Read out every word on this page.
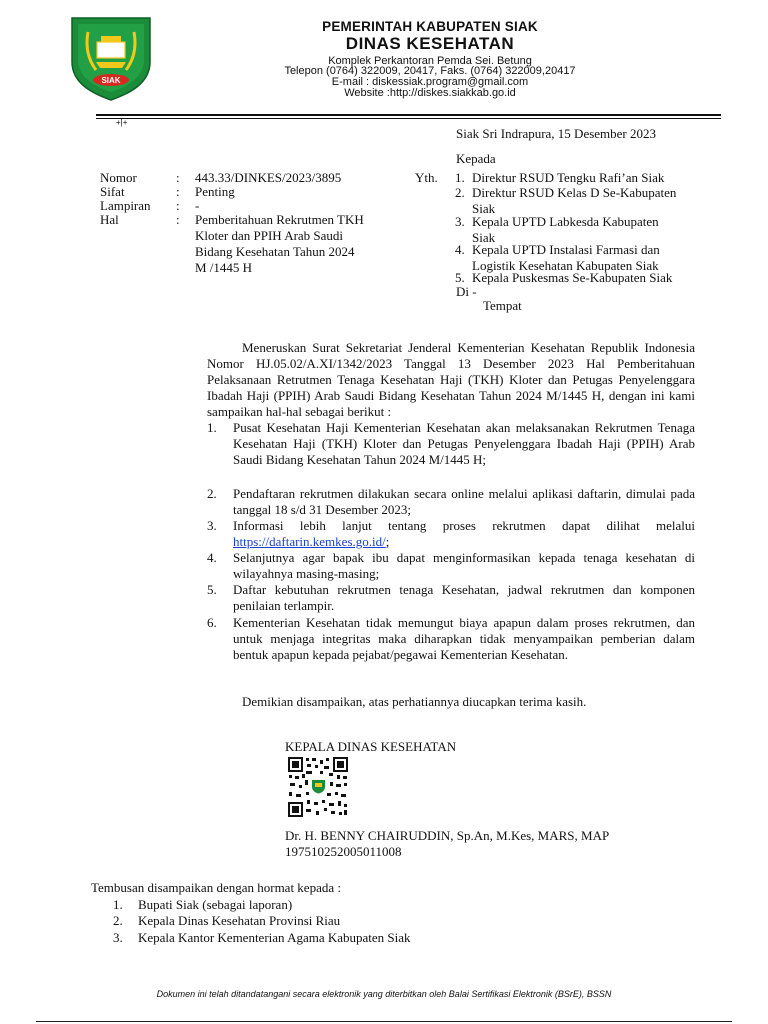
SIAK
PEMERINTAH KABUPATEN SIAK
DINAS KESEHATAN
Komplek Perkantoran Pemda Sei. Betung
Telepon (0764) 322009, 20417, Faks. (0764) 322009,20417
E-mail : diskessiak.program@gmail.com
Website :http://diskes.siakkab.go.id
+|+
Siak Sri Indrapura, 15 Desember 2023
Kepada
Nomor	: 443.33/DINKES/2023/3895
Sifat	: Penting
Lampiran : -
Hal	: Pemberitahuan Rekrutmen TKH
Kloter dan PPIH Arab Saudi
Bidang Kesehatan Tahun 2024
M /1445 H
Yth. 1. Direktur RSUD Tengku Rafi’an Siak
2. Direktur RSUD Kelas D Se-Kabupaten
Siak
3. Kepala UPTD Labkesda Kabupaten
Siak
4. Kepala UPTD Instalasi Farmasi dan
Logistik Kesehatan Kabupaten Siak
5. Kepala Puskesmas Se-Kabupaten Siak
Di -
Tempat
Meneruskan Surat Sekretariat Jenderal Kementerian Kesehatan Republik Indonesia Nomor HJ.05.02/A.XI/1342/2023 Tanggal 13 Desember 2023 Hal Pemberitahuan Pelaksanaan Retrutmen Tenaga Kesehatan Haji (TKH) Kloter dan Petugas Penyelenggara Ibadah Haji (PPIH) Arab Saudi Bidang Kesehatan Tahun 2024 M/1445 H, dengan ini kami sampaikan hal-hal sebagai berikut :
1. Pusat Kesehatan Haji Kementerian Kesehatan akan melaksanakan Rekrutmen Tenaga Kesehatan Haji (TKH) Kloter dan Petugas Penyelenggara Ibadah Haji (PPIH) Arab Saudi Bidang Kesehatan Tahun 2024 M/1445 H;
2. Pendaftaran rekrutmen dilakukan secara online melalui aplikasi daftarin, dimulai pada tanggal 18 s/d 31 Desember 2023;
3. Informasi lebih lanjut tentang proses rekrutmen dapat dilihat melalui https://daftarin.kemkes.go.id/;
4. Selanjutnya agar bapak ibu dapat menginformasikan kepada tenaga kesehatan di wilayahnya masing-masing;
5. Daftar kebutuhan rekrutmen tenaga Kesehatan, jadwal rekrutmen dan komponen penilaian terlampir.
6. Kementerian Kesehatan tidak memungut biaya apapun dalam proses rekrutmen, dan untuk menjaga integritas maka diharapkan tidak menyampaikan pemberian dalam bentuk apapun kepada pejabat/pegawai Kementerian Kesehatan.
Demikian disampaikan, atas perhatiannya diucapkan terima kasih.
KEPALA DINAS KESEHATAN
Dr. H. BENNY CHAIRUDDIN, Sp.An, M.Kes, MARS, MAP
197510252005011008
Tembusan disampaikan dengan hormat kepada :
1. Bupati Siak (sebagai laporan)
2. Kepala Dinas Kesehatan Provinsi Riau
3. Kepala Kantor Kementerian Agama Kabupaten Siak
Dokumen ini telah ditandatangani secara elektronik yang diterbitkan oleh Balai Sertifikasi Elektronik (BSrE), BSSN
